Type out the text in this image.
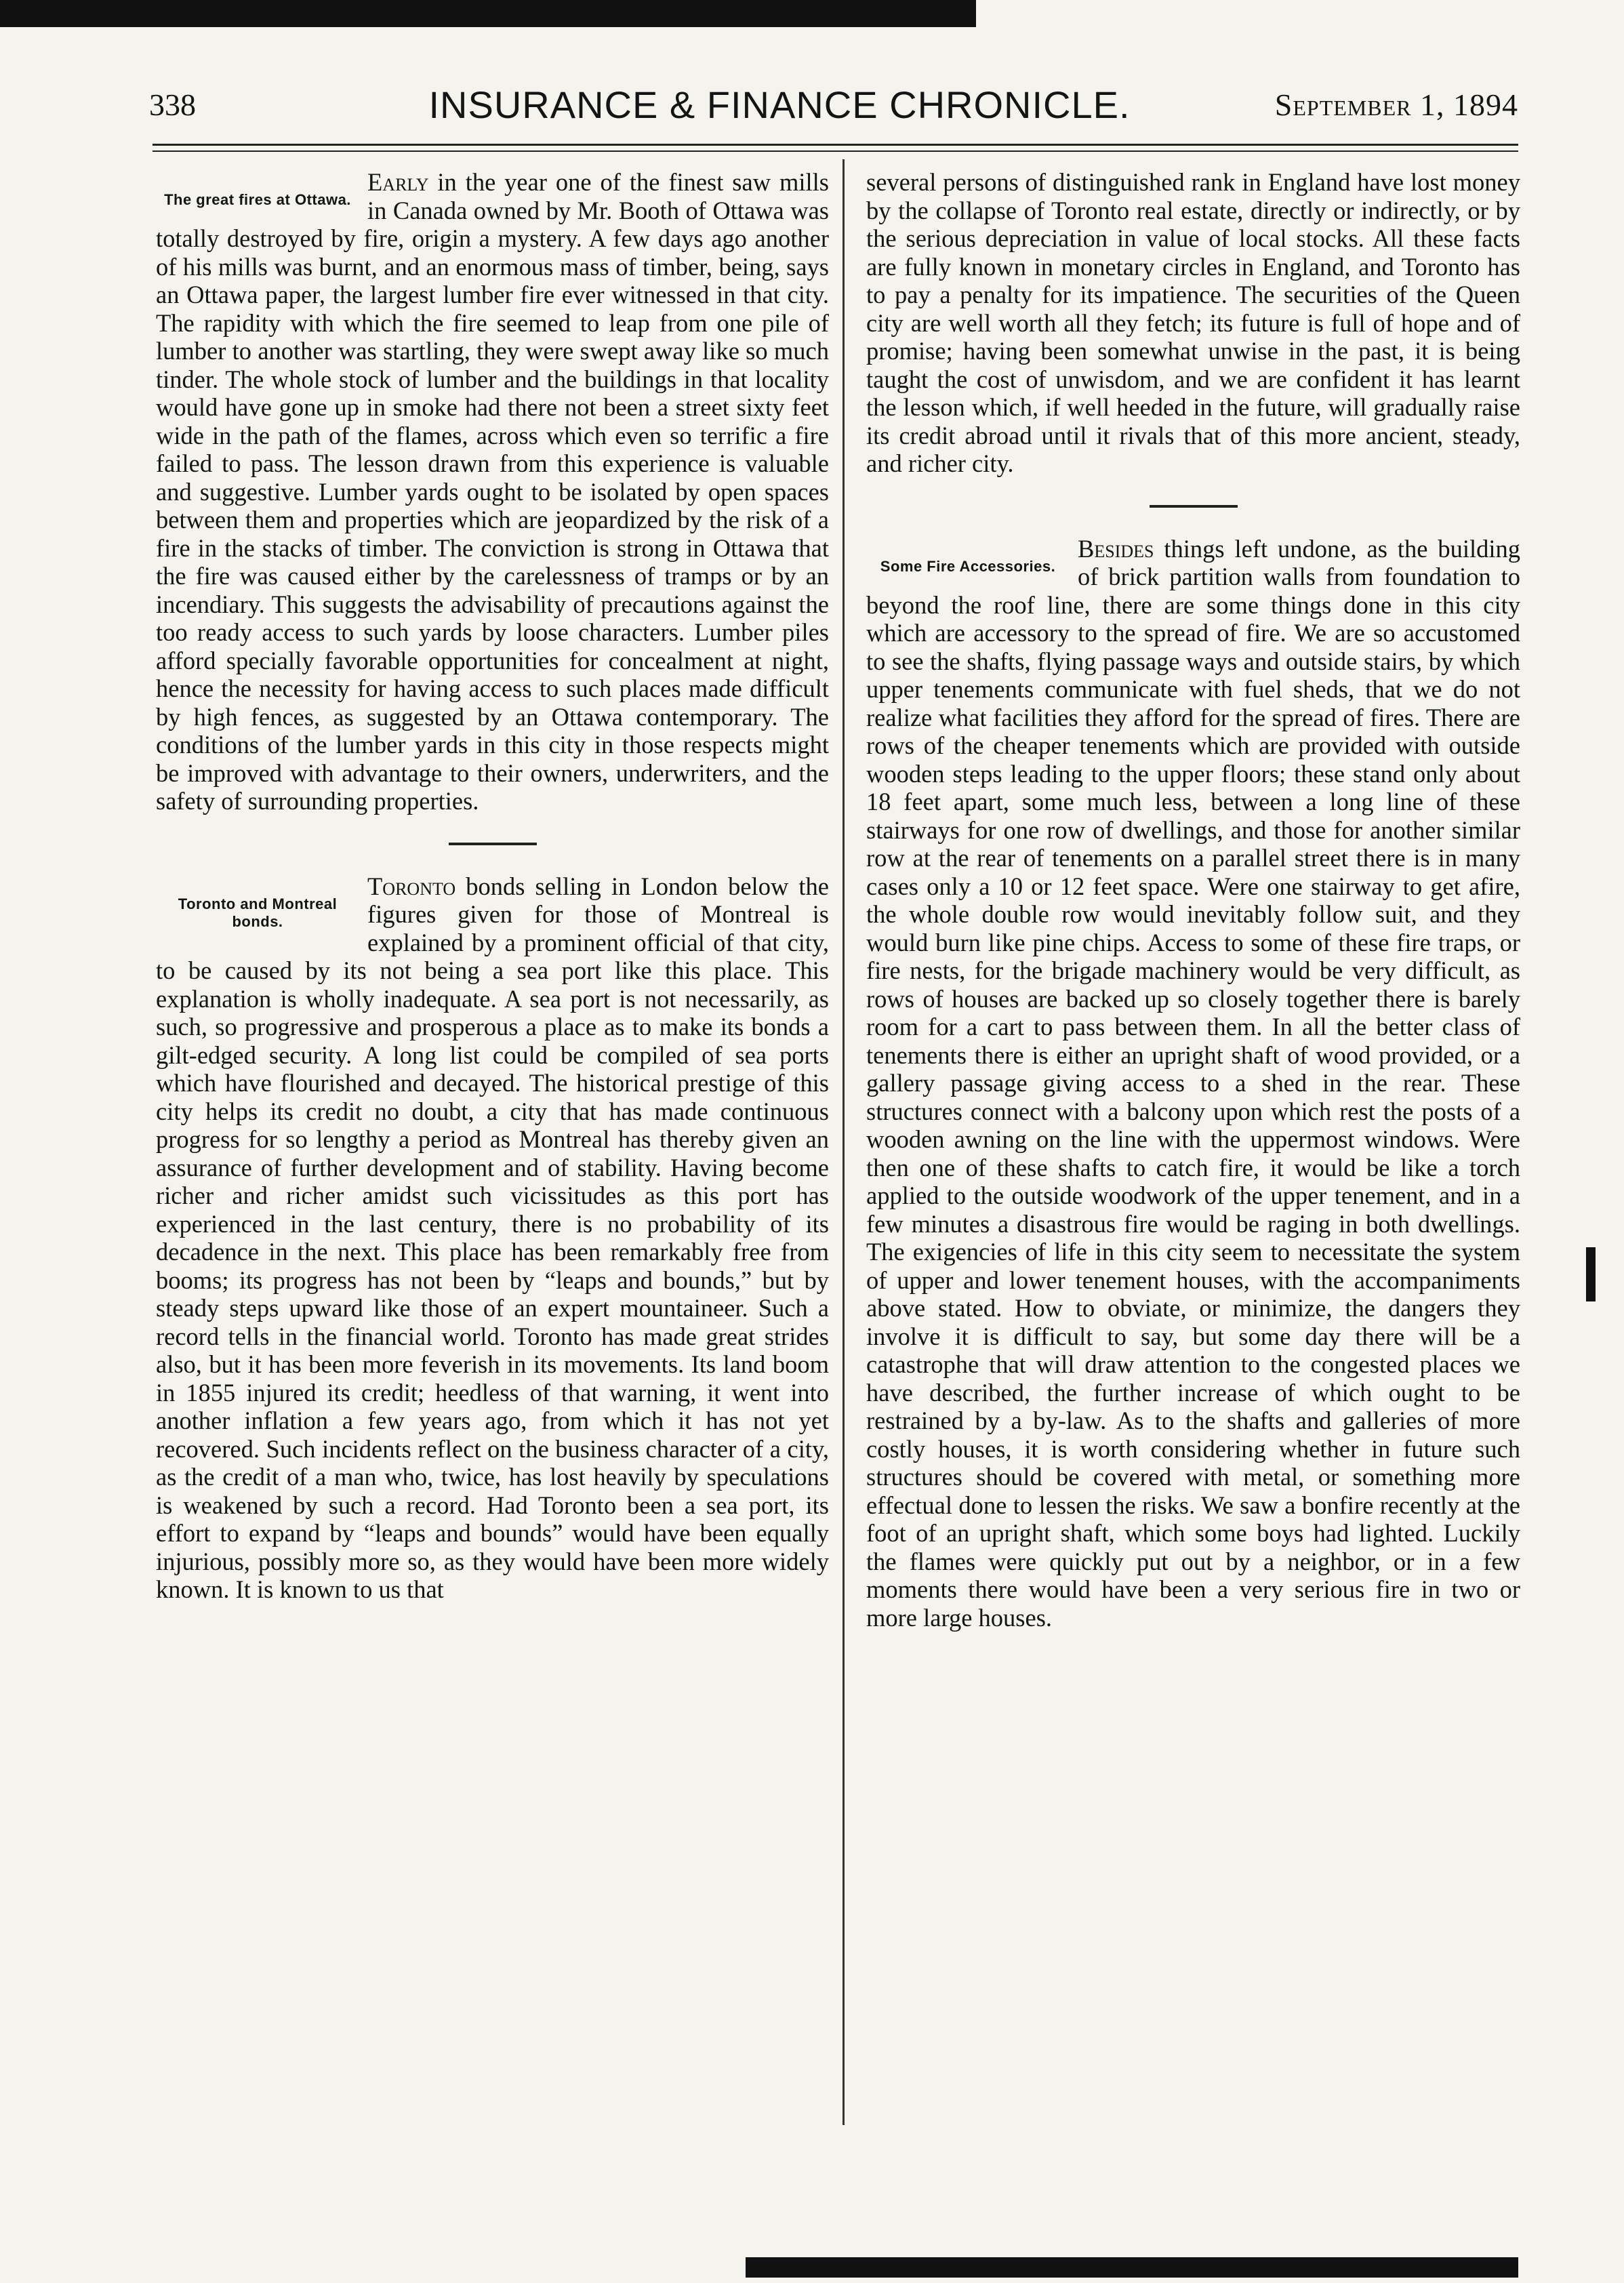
338	INSURANCE & FINANCE CHRONICLE.	September 1, 1894

The great fires at Ottawa.
Early in the year one of the finest saw mills in Canada owned by Mr. Booth of Ottawa was totally destroyed by fire, origin a mystery. A few days ago another of his mills was burnt, and an enormous mass of timber, being, says an Ottawa paper, the largest lumber fire ever witnessed in that city. The rapidity with which the fire seemed to leap from one pile of lumber to another was startling, they were swept away like so much tinder. The whole stock of lumber and the buildings in that locality would have gone up in smoke had there not been a street sixty feet wide in the path of the flames, across which even so terrific a fire failed to pass. The lesson drawn from this experience is valuable and suggestive. Lumber yards ought to be isolated by open spaces between them and properties which are jeopardized by the risk of a fire in the stacks of timber. The conviction is strong in Ottawa that the fire was caused either by the carelessness of tramps or by an incendiary. This suggests the advisability of precautions against the too ready access to such yards by loose characters. Lumber piles afford specially favorable opportunities for concealment at night, hence the necessity for having access to such places made difficult by high fences, as suggested by an Ottawa contemporary. The conditions of the lumber yards in this city in those respects might be improved with advantage to their owners, underwriters, and the safety of surrounding properties.

Toronto and Montreal bonds.
Toronto bonds selling in London below the figures given for those of Montreal is explained by a prominent official of that city, to be caused by its not being a sea port like this place. This explanation is wholly inadequate. A sea port is not necessarily, as such, so progressive and prosperous a place as to make its bonds a gilt-edged security. A long list could be compiled of sea ports which have flourished and decayed. The historical prestige of this city helps its credit no doubt, a city that has made continuous progress for so lengthy a period as Montreal has thereby given an assurance of further development and of stability. Having become richer and richer amidst such vicissitudes as this port has experienced in the last century, there is no probability of its decadence in the next. This place has been remarkably free from booms; its progress has not been by “leaps and bounds,” but by steady steps upward like those of an expert mountaineer. Such a record tells in the financial world. Toronto has made great strides also, but it has been more feverish in its movements. Its land boom in 1855 injured its credit; heedless of that warning, it went into another inflation a few years ago, from which it has not yet recovered. Such incidents reflect on the business character of a city, as the credit of a man who, twice, has lost heavily by speculations is weakened by such a record. Had Toronto been a sea port, its effort to expand by “leaps and bounds” would have been equally injurious, possibly more so, as they would have been more widely known. It is known to us that

several persons of distinguished rank in England have lost money by the collapse of Toronto real estate, directly or indirectly, or by the serious depreciation in value of local stocks. All these facts are fully known in monetary circles in England, and Toronto has to pay a penalty for its impatience. The securities of the Queen city are well worth all they fetch; its future is full of hope and of promise; having been somewhat unwise in the past, it is being taught the cost of unwisdom, and we are confident it has learnt the lesson which, if well heeded in the future, will gradually raise its credit abroad until it rivals that of this more ancient, steady, and richer city.

Some Fire Accessories.
Besides things left undone, as the building of brick partition walls from foundation to beyond the roof line, there are some things done in this city which are accessory to the spread of fire. We are so accustomed to see the shafts, flying passage ways and outside stairs, by which upper tenements communicate with fuel sheds, that we do not realize what facilities they afford for the spread of fires. There are rows of the cheaper tenements which are provided with outside wooden steps leading to the upper floors; these stand only about 18 feet apart, some much less, between a long line of these stairways for one row of dwellings, and those for another similar row at the rear of tenements on a parallel street there is in many cases only a 10 or 12 feet space. Were one stairway to get afire, the whole double row would inevitably follow suit, and they would burn like pine chips. Access to some of these fire traps, or fire nests, for the brigade machinery would be very difficult, as rows of houses are backed up so closely together there is barely room for a cart to pass between them. In all the better class of tenements there is either an upright shaft of wood provided, or a gallery passage giving access to a shed in the rear. These structures connect with a balcony upon which rest the posts of a wooden awning on the line with the uppermost windows. Were then one of these shafts to catch fire, it would be like a torch applied to the outside woodwork of the upper tenement, and in a few minutes a disastrous fire would be raging in both dwellings. The exigencies of life in this city seem to necessitate the system of upper and lower tenement houses, with the accompaniments above stated. How to obviate, or minimize, the dangers they involve it is difficult to say, but some day there will be a catastrophe that will draw attention to the congested places we have described, the further increase of which ought to be restrained by a by-law. As to the shafts and galleries of more costly houses, it is worth considering whether in future such structures should be covered with metal, or something more effectual done to lessen the risks. We saw a bonfire recently at the foot of an upright shaft, which some boys had lighted. Luckily the flames were quickly put out by a neighbor, or in a few moments there would have been a very serious fire in two or more large houses.
